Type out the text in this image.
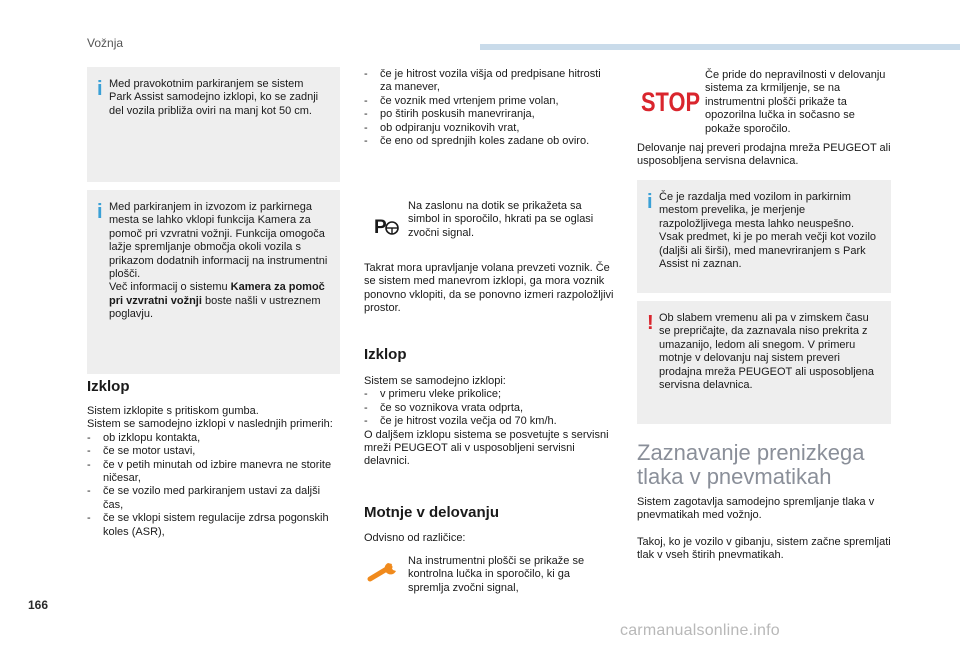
Vožnja
i Med pravokotnim parkiranjem se sistem Park Assist samodejno izklopi, ko se zadnji del vozila približa oviri na manj kot 50 cm.
i Med parkiranjem in izvozom iz parkirnega mesta se lahko vklopi funkcija Kamera za pomoč pri vzvratni vožnji. Funkcija omogoča lažje spremljanje območja okoli vozila s prikazom dodatnih informacij na instrumentni plošči.

Več informacij o sistemu Kamera za pomoč pri vzvratni vožnji boste našli v ustreznem poglavju.

Izklop

Sistem izklopite s pritiskom gumba.

Sistem se samodejno izklopi v naslednjih primerih:

- ob izklopu kontakta,
- če se motor ustavi,
- če v petih minutah od izbire manevra ne storite ničesar,
- če se vozilo med parkiranjem ustavi za daljši čas,
- če se vklopi sistem regulacije zdrsa pogonskih koles (ASR),
- če je hitrost vozila višja od predpisane hitrosti za manever,
- če voznik med vrtenjem prime volan,
- po štirih poskusih manevriranja,
- ob odpiranju voznikovih vrat,
- če eno od sprednjih koles zadane ob oviro.
P
Na zaslonu na dotik se prikažeta sa simbol in sporočilo, hkrati pa se oglasi zvočni signal.
Takrat mora upravljanje volana prevzeti voznik. Če se sistem med manevrom izklopi, ga mora voznik ponovno vklopiti, da se ponovno izmeri razpoložljivi prostor.
Izklop

Sistem se samodejno izklopi:

- v primeru vleke prikolice;
- če so voznikova vrata odprta,
- če je hitrost vozila večja od 70 km/h.

O daljšem izklopu sistema se posvetujte s servisni mreži PEUGEOT ali v usposobljeni servisni delavnici.

Motnje v delovanju
Odvisno od različice:
Na instrumentni plošči se prikaže se kontrolna lučka in sporočilo, ki ga spremlja zvočni signal,
STOP
Če pride do nepravilnosti v delovanju sistema za krmiljenje, se na instrumentni plošči prikaže ta opozorilna lučka in sočasno se pokaže sporočilo.
Delovanje naj preveri prodajna mreža PEUGEOT ali usposobljena servisna delavnica.
i Če je razdalja med vozilom in parkirnim mestom prevelika, je merjenje razpoložljivega mesta lahko neuspešno. Vsak predmet, ki je po merah večji kot vozilo (daljši ali širši), med manevriranjem s Park Assist ni zaznan.
! Ob slabem vremenu ali pa v zimskem času se prepričajte, da zaznavala niso prekrita z umazanijo, ledom ali snegom. V primeru motnje v delovanju naj sistem preveri prodajna mreža PEUGEOT ali usposobljena servisna delavnica.
Zaznavanje prenizkega tlaka v pnevmatikah
Sistem zagotavlja samodejno spremljanje tlaka v pnevmatikah med vožnjo.
Takoj, ko je vozilo v gibanju, sistem začne spremljati tlak v vseh štirih pnevmatikah.
166
carmanualsonline.info
